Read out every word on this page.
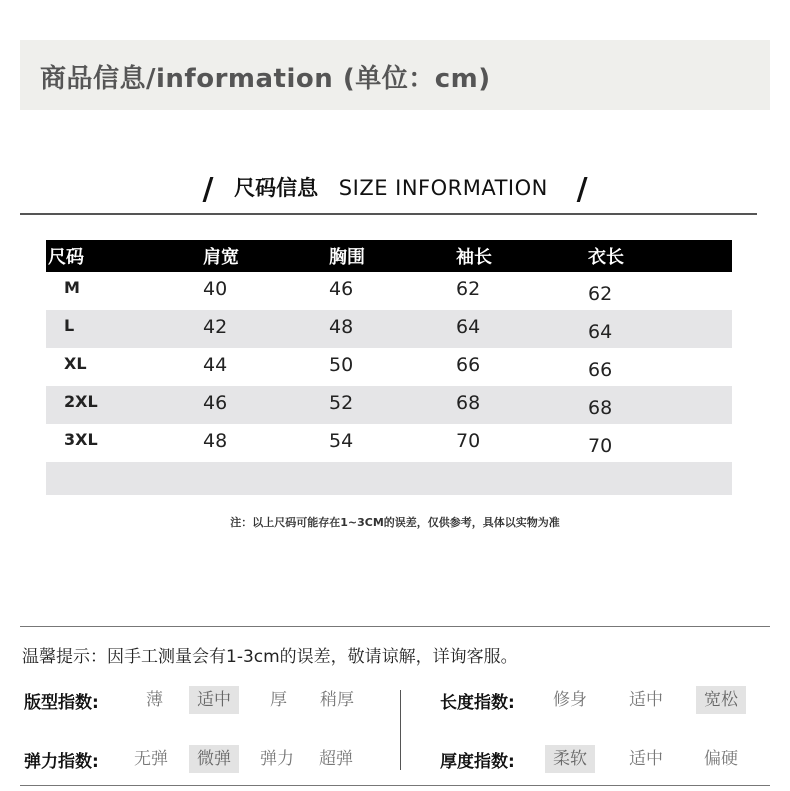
商品信息/information (单位：cm)
/ 尺码信息 SIZE INFORMATION /
尺码	肩宽	胸围	袖长	衣长
M	40	46	62	62
L	42	48	64	64
XL	44	50	66	66
2XL	46	52	68	68
3XL	48	54	70	70
注：以上尺码可能存在1~3CM的误差，仅供参考，具体以实物为准
温馨提示：因手工测量会有1-3cm的误差，敬请谅解，详询客服。
版型指数:	薄	适中	厚	稍厚
弹力指数:	无弹	微弹	弹力	超弹
长度指数:	修身	适中	宽松
厚度指数:	柔软	适中	偏硬
